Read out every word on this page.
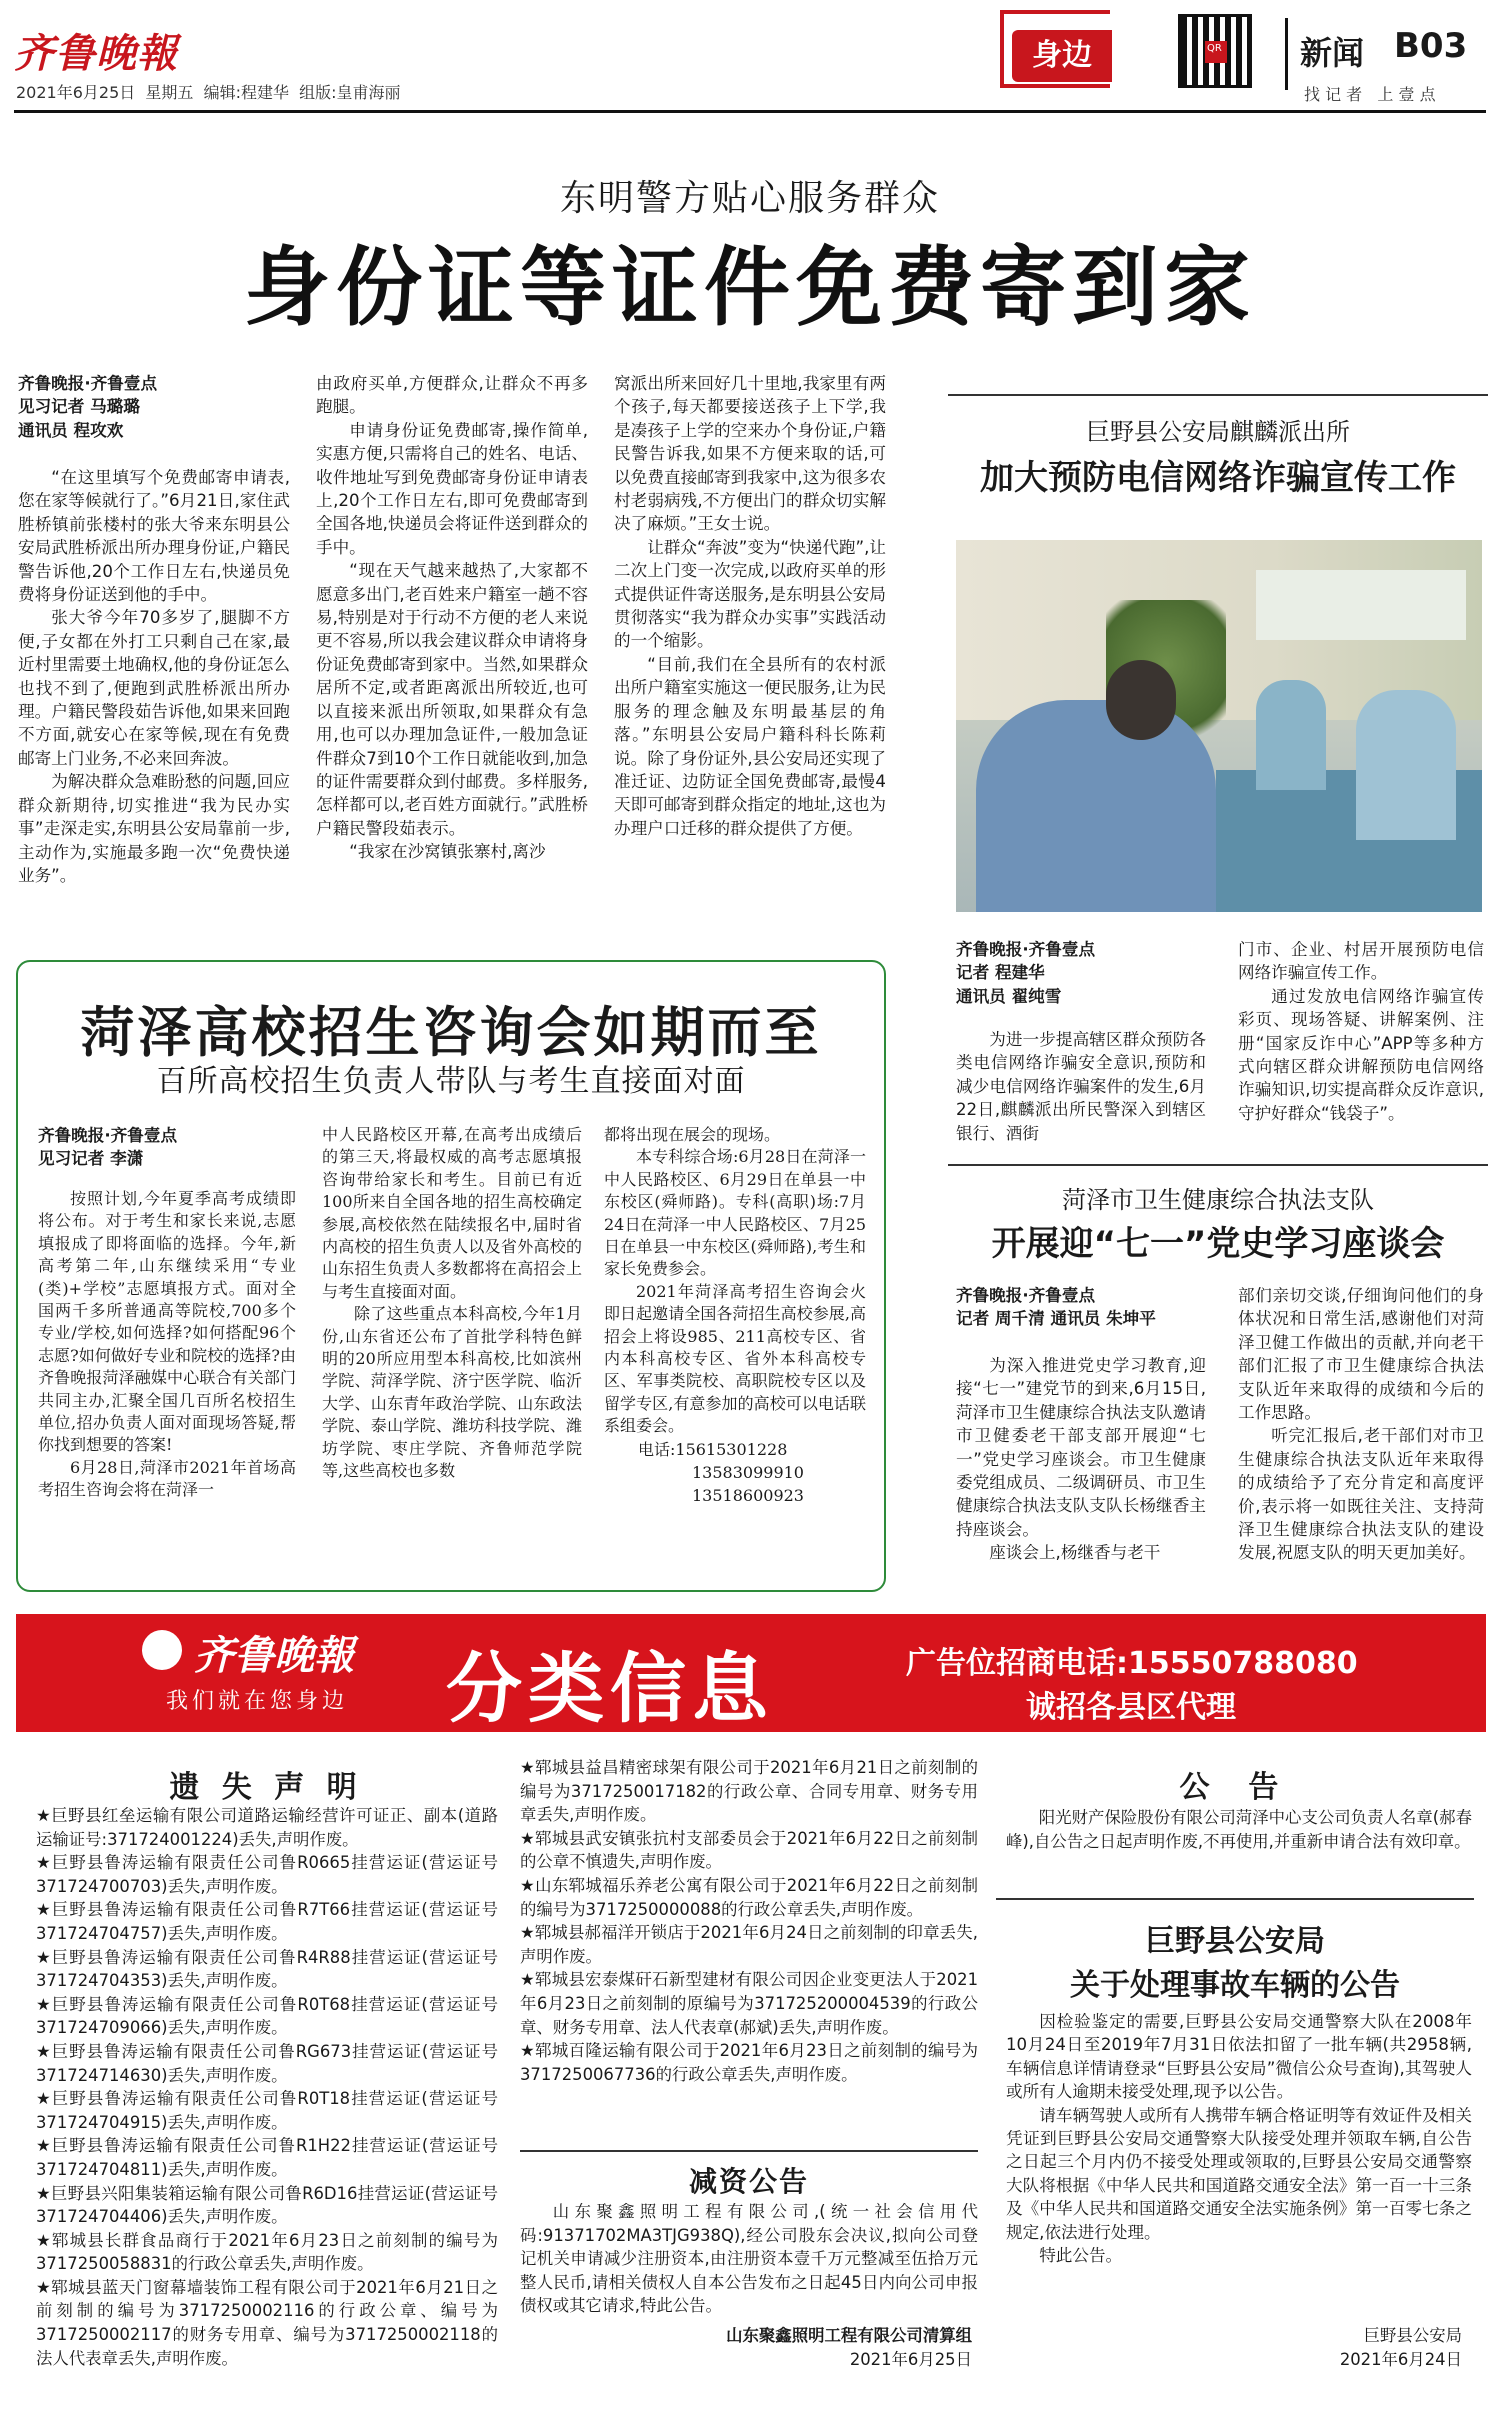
齐鲁晚報
2021年6月25日  星期五  编辑:程建华  组版:皇甫海丽
身边	QR 新闻 B03
找 记 者   上 壹 点
东明警方贴心服务群众
身份证等证件免费寄到家
齐鲁晚报·齐鲁壹点
见习记者 马璐璐
通讯员 程攻欢

“在这里填写个免费邮寄申请表,您在家等候就行了。”6月21日,家住武胜桥镇前张楼村的张大爷来东明县公安局武胜桥派出所办理身份证,户籍民警告诉他,20个工作日左右,快递员免费将身份证送到他的手中。

张大爷今年70多岁了,腿脚不方便,子女都在外打工只剩自己在家,最近村里需要土地确权,他的身份证怎么也找不到了,便跑到武胜桥派出所办理。户籍民警段茹告诉他,如果来回跑不方面,就安心在家等候,现在有免费邮寄上门业务,不必来回奔波。

为解决群众急难盼愁的问题,回应群众新期待,切实推进“我为民办实事”走深走实,东明县公安局靠前一步,主动作为,实施最多跑一次“免费快递业务”。

由政府买单,方便群众,让群众不再多跑腿。

申请身份证免费邮寄,操作简单,实惠方便,只需将自己的姓名、电话、收件地址写到免费邮寄身份证申请表上,20个工作日左右,即可免费邮寄到全国各地,快递员会将证件送到群众的手中。

“现在天气越来越热了,大家都不愿意多出门,老百姓来户籍室一趟不容易,特别是对于行动不方便的老人来说更不容易,所以我会建议群众申请将身份证免费邮寄到家中。当然,如果群众居所不定,或者距离派出所较近,也可以直接来派出所领取,如果群众有急用,也可以办理加急证件,一般加急证件群众7到10个工作日就能收到,加急的证件需要群众到付邮费。多样服务,怎样都可以,老百姓方面就行。”武胜桥户籍民警段茹表示。

“我家在沙窝镇张寨村,离沙

窝派出所来回好几十里地,我家里有两个孩子,每天都要接送孩子上下学,我是凑孩子上学的空来办个身份证,户籍民警告诉我,如果不方便来取的话,可以免费直接邮寄到我家中,这为很多农村老弱病残,不方便出门的群众切实解决了麻烦。”王女士说。

让群众“奔波”变为“快递代跑”,让二次上门变一次完成,以政府买单的形式提供证件寄送服务,是东明县公安局贯彻落实“我为群众办实事”实践活动的一个缩影。

“目前,我们在全县所有的农村派出所户籍室实施这一便民服务,让为民服务的理念触及东明最基层的角落。”东明县公安局户籍科科长陈莉说。除了身份证外,县公安局还实现了准迁证、边防证全国免费邮寄,最慢4天即可邮寄到群众指定的地址,这也为办理户口迁移的群众提供了方便。

菏泽高校招生咨询会如期而至
百所高校招生负责人带队与考生直接面对面
齐鲁晚报·齐鲁壹点
见习记者 李潇

按照计划,今年夏季高考成绩即将公布。对于考生和家长来说,志愿填报成了即将面临的选择。今年,新高考第二年,山东继续采用“专业(类)+学校”志愿填报方式。面对全国两千多所普通高等院校,700多个专业/学校,如何选择?如何搭配96个志愿?如何做好专业和院校的选择?由齐鲁晚报菏泽融媒中心联合有关部门共同主办,汇聚全国几百所名校招生单位,招办负责人面对面现场答疑,帮你找到想要的答案!

6月28日,菏泽市2021年首场高考招生咨询会将在菏泽一

中人民路校区开幕,在高考出成绩后的第三天,将最权威的高考志愿填报咨询带给家长和考生。目前已有近100所来自全国各地的招生高校确定参展,高校依然在陆续报名中,届时省内高校的招生负责人以及省外高校的山东招生负责人多数都将在高招会上与考生直接面对面。

除了这些重点本科高校,今年1月份,山东省还公布了首批学科特色鲜明的20所应用型本科高校,比如滨州学院、菏泽学院、济宁医学院、临沂大学、山东青年政治学院、山东政法学院、泰山学院、潍坊科技学院、潍坊学院、枣庄学院、齐鲁师范学院等,这些高校也多数

都将出现在展会的现场。

本专科综合场:6月28日在菏泽一中人民路校区、6月29日在单县一中东校区(舜师路)。专科(高职)场:7月24日在菏泽一中人民路校区、7月25日在单县一中东校区(舜师路),考生和家长免费参会。

2021年菏泽高考招生咨询会火即日起邀请全国各菏招生高校参展,高招会上将设985、211高校专区、省内本科高校专区、省外本科高校专区、军事类院校、高职院校专区以及留学专区,有意参加的高校可以电话联系组委会。

电话:15615301228
13583099910
13518600923
巨野县公安局麒麟派出所
加大预防电信网络诈骗宣传工作
齐鲁晚报·齐鲁壹点
记者 程建华
通讯员 翟纯雪

为进一步提高辖区群众预防各类电信网络诈骗安全意识,预防和减少电信网络诈骗案件的发生,6月22日,麒麟派出所民警深入到辖区银行、酒街

门市、企业、村居开展预防电信网络诈骗宣传工作。

通过发放电信网络诈骗宣传彩页、现场答疑、讲解案例、注册“国家反诈中心”APP等多种方式向辖区群众讲解预防电信网络诈骗知识,切实提高群众反诈意识,守护好群众“钱袋子”。

菏泽市卫生健康综合执法支队
开展迎“七一”党史学习座谈会
齐鲁晚报·齐鲁壹点
记者 周千清 通讯员 朱坤平

为深入推进党史学习教育,迎接“七一”建党节的到来,6月15日,菏泽市卫生健康综合执法支队邀请市卫健委老干部支部开展迎“七一”党史学习座谈会。市卫生健康委党组成员、二级调研员、市卫生健康综合执法支队支队长杨继香主持座谈会。

座谈会上,杨继香与老干

部们亲切交谈,仔细询问他们的身体状况和日常生活,感谢他们对菏泽卫健工作做出的贡献,并向老干部们汇报了市卫生健康综合执法支队近年来取得的成绩和今后的工作思路。

听完汇报后,老干部们对市卫生健康综合执法支队近年来取得的成绩给予了充分肯定和高度评价,表示将一如既往关注、支持菏泽卫生健康综合执法支队的建设发展,祝愿支队的明天更加美好。

齐鲁晚報
我们就在您身边 分类信息	广告位招商电话:15550788080
诚招各县区代理
遗 失 声 明
★巨野县红垒运输有限公司道路运输经营许可证正、副本(道路运输证号:371724001224)丢失,声明作废。
★巨野县鲁涛运输有限责任公司鲁R0665挂营运证(营运证号371724700703)丢失,声明作废。
★巨野县鲁涛运输有限责任公司鲁R7T66挂营运证(营运证号371724704757)丢失,声明作废。
★巨野县鲁涛运输有限责任公司鲁R4R88挂营运证(营运证号371724704353)丢失,声明作废。
★巨野县鲁涛运输有限责任公司鲁R0T68挂营运证(营运证号371724709066)丢失,声明作废。
★巨野县鲁涛运输有限责任公司鲁RG673挂营运证(营运证号371724714630)丢失,声明作废。
★巨野县鲁涛运输有限责任公司鲁R0T18挂营运证(营运证号371724704915)丢失,声明作废。
★巨野县鲁涛运输有限责任公司鲁R1H22挂营运证(营运证号371724704811)丢失,声明作废。
★巨野县兴阳集装箱运输有限公司鲁R6D16挂营运证(营运证号371724704406)丢失,声明作废。
★郓城县长群食品商行于2021年6月23日之前刻制的编号为3717250058831的行政公章丢失,声明作废。
★郓城县蓝天门窗幕墙装饰工程有限公司于2021年6月21日之前刻制的编号为3717250002116的行政公章、编号为3717250002117的财务专用章、编号为3717250002118的法人代表章丢失,声明作废。
★郓城县益昌精密球架有限公司于2021年6月21日之前刻制的编号为3717250017182的行政公章、合同专用章、财务专用章丢失,声明作废。
★郓城县武安镇张抗村支部委员会于2021年6月22日之前刻制的公章不慎遗失,声明作废。
★山东郓城福乐养老公寓有限公司于2021年6月22日之前刻制的编号为3717250000088的行政公章丢失,声明作废。
★郓城县郝福洋开锁店于2021年6月24日之前刻制的印章丢失,声明作废。
★郓城县宏泰煤矸石新型建材有限公司因企业变更法人于2021年6月23日之前刻制的原编号为371725200004539的行政公章、财务专用章、法人代表章(郝斌)丢失,声明作废。
★郓城百隆运输有限公司于2021年6月23日之前刻制的编号为3717250067736的行政公章丢失,声明作废。
减资公告
山东聚鑫照明工程有限公司,(统一社会信用代码:91371702MA3TJG938Q),经公司股东会决议,拟向公司登记机关申请减少注册资本,由注册资本壹千万元整减至伍拾万元整人民币,请相关债权人自本公告发布之日起45日内向公司申报债权或其它请求,特此公告。
山东聚鑫照明工程有限公司清算组
2021年6月25日
公  告
阳光财产保险股份有限公司菏泽中心支公司负责人名章(郝春峰),自公告之日起声明作废,不再使用,并重新申请合法有效印章。
巨野县公安局
关于处理事故车辆的公告

因检验鉴定的需要,巨野县公安局交通警察大队在2008年10月24日至2019年7月31日依法扣留了一批车辆(共2958辆,车辆信息详情请登录“巨野县公安局”微信公众号查询),其驾驶人或所有人逾期未接受处理,现予以公告。

请车辆驾驶人或所有人携带车辆合格证明等有效证件及相关凭证到巨野县公安局交通警察大队接受处理并领取车辆,自公告之日起三个月内仍不接受处理或领取的,巨野县公安局交通警察大队将根据《中华人民共和国道路交通安全法》第一百一十三条及《中华人民共和国道路交通安全法实施条例》第一百零七条之规定,依法进行处理。

特此公告。

巨野县公安局
2021年6月24日
